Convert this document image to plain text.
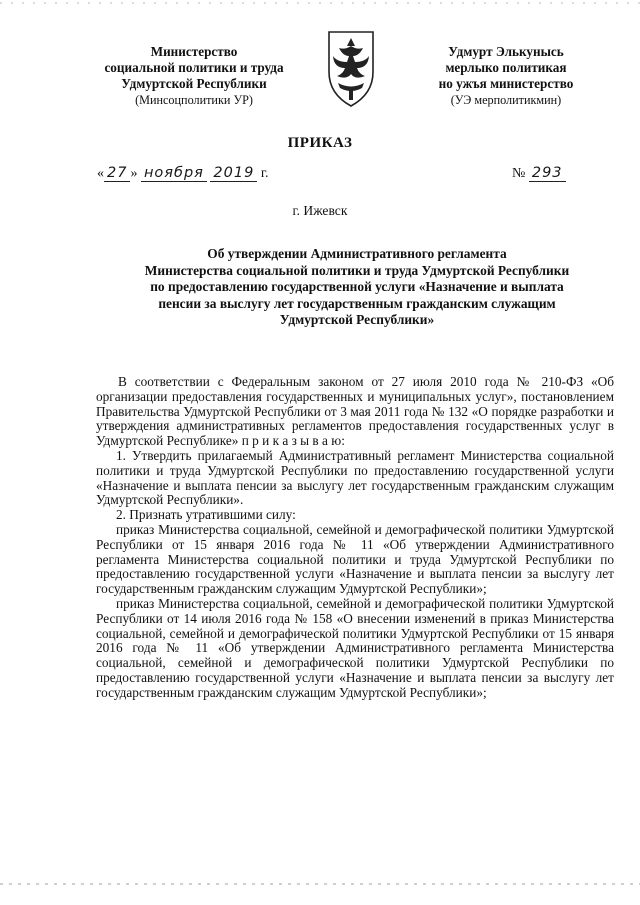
Министерство
социальной политики и труда
Удмуртской Республики
(Минсоцполитики УР)
Удмурт Элькунысь
мерлыко политикая
но ужъя министерство
(УЭ мерполитикмин)
ПРИКАЗ
« 27 » ноября 2019 г.	№ 293
г. Ижевск
Об утверждении Административного регламента
Министерства социальной политики и труда Удмуртской Республики
по предоставлению государственной услуги «Назначение и выплата
пенсии за выслугу лет государственным гражданским служащим
Удмуртской Республики»

В соответствии с Федеральным законом от 27 июля 2010 года № 210-ФЗ «Об организации предоставления государственных и муниципальных услуг», постановлением Правительства Удмуртской Республики от 3 мая 2011 года № 132 «О порядке разработки и утверждения административных регламентов предоставления государственных услуг в Удмуртской Республике» п р и к а з ы в а ю:

1. Утвердить прилагаемый Административный регламент Министерства социальной политики и труда Удмуртской Республики по предоставлению государственной услуги «Назначение и выплата пенсии за выслугу лет государственным гражданским служащим Удмуртской Республики».

2. Признать утратившими силу:

приказ Министерства социальной, семейной и демографической политики Удмуртской Республики от 15 января 2016 года № 11 «Об утверждении Административного регламента Министерства социальной политики и труда Удмуртской Республики по предоставлению государственной услуги «Назначение и выплата пенсии за выслугу лет государственным гражданским служащим Удмуртской Республики»;

приказ Министерства социальной, семейной и демографической политики Удмуртской Республики от 14 июля 2016 года № 158 «О внесении изменений в приказ Министерства социальной, семейной и демографической политики Удмуртской Республики от 15 января 2016 года № 11 «Об утверждении Административного регламента Министерства социальной, семейной и демографической политики Удмуртской Республики по предоставлению государственной услуги «Назначение и выплата пенсии за выслугу лет государственным гражданским служащим Удмуртской Республики»;
